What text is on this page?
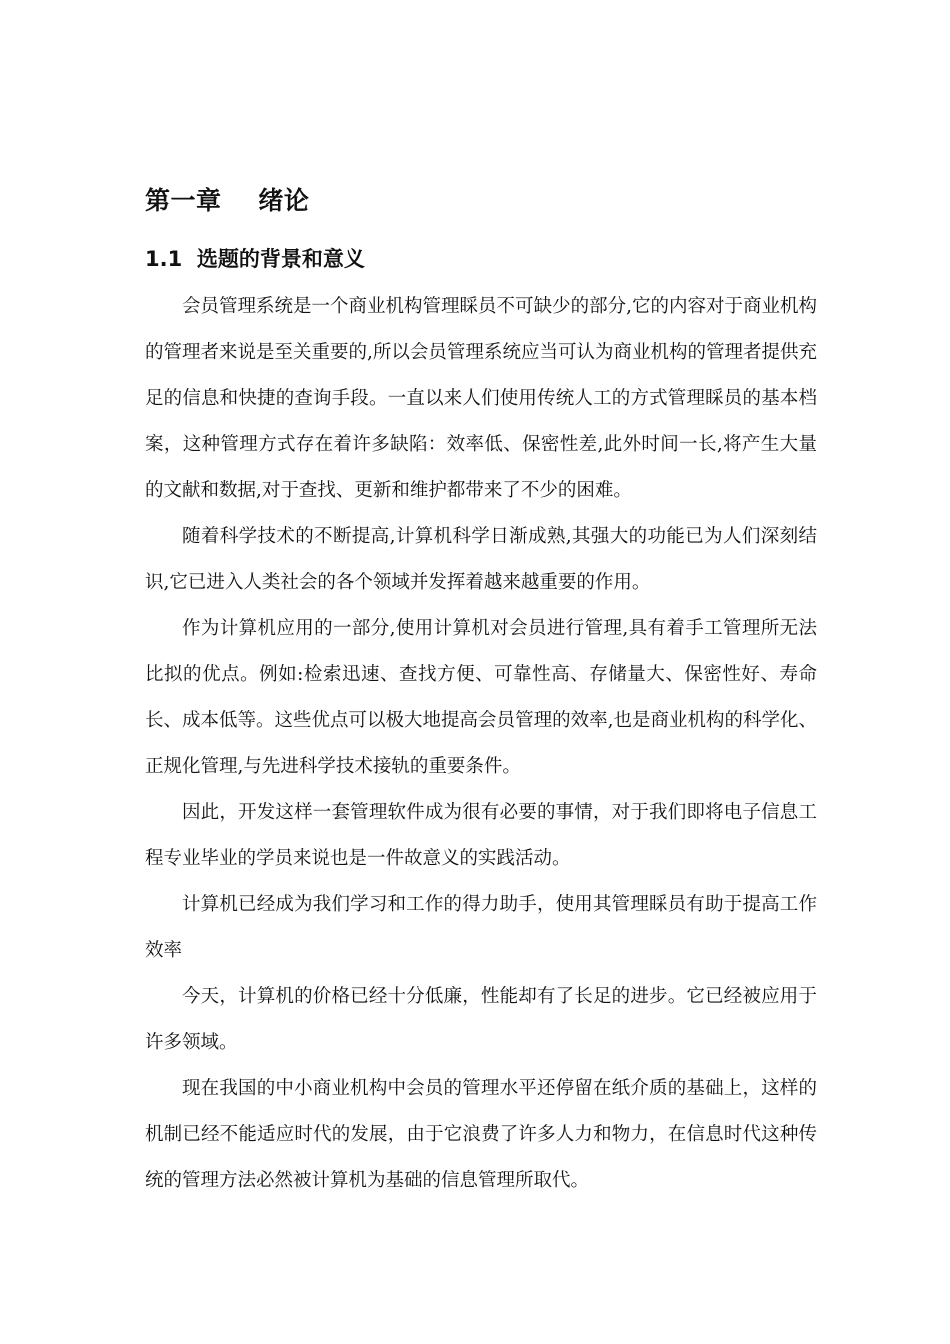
第一章    绪论
1.1  选题的背景和意义

会员管理系统是一个商业机构管理睬员不可缺少的部分,它的内容对于商业机构的管理者来说是至关重要的,所以会员管理系统应当可认为商业机构的管理者提供充足的信息和快捷的查询手段。一直以来人们使用传统人工的方式管理睬员的基本档案，这种管理方式存在着许多缺陷：效率低、保密性差,此外时间一长,将产生大量的文献和数据,对于查找、更新和维护都带来了不少的困难。

随着科学技术的不断提高,计算机科学日渐成熟,其强大的功能已为人们深刻结识,它已进入人类社会的各个领域并发挥着越来越重要的作用。

作为计算机应用的一部分,使用计算机对会员进行管理,具有着手工管理所无法比拟的优点。例如:检索迅速、查找方便、可靠性高、存储量大、保密性好、寿命长、成本低等。这些优点可以极大地提高会员管理的效率,也是商业机构的科学化、正规化管理,与先进科学技术接轨的重要条件。

因此，开发这样一套管理软件成为很有必要的事情，对于我们即将电子信息工程专业毕业的学员来说也是一件故意义的实践活动。

计算机已经成为我们学习和工作的得力助手，使用其管理睬员有助于提高工作效率

今天，计算机的价格已经十分低廉，性能却有了长足的进步。它已经被应用于许多领域。

现在我国的中小商业机构中会员的管理水平还停留在纸介质的基础上，这样的机制已经不能适应时代的发展，由于它浪费了许多人力和物力，在信息时代这种传统的管理方法必然被计算机为基础的信息管理所取代。
